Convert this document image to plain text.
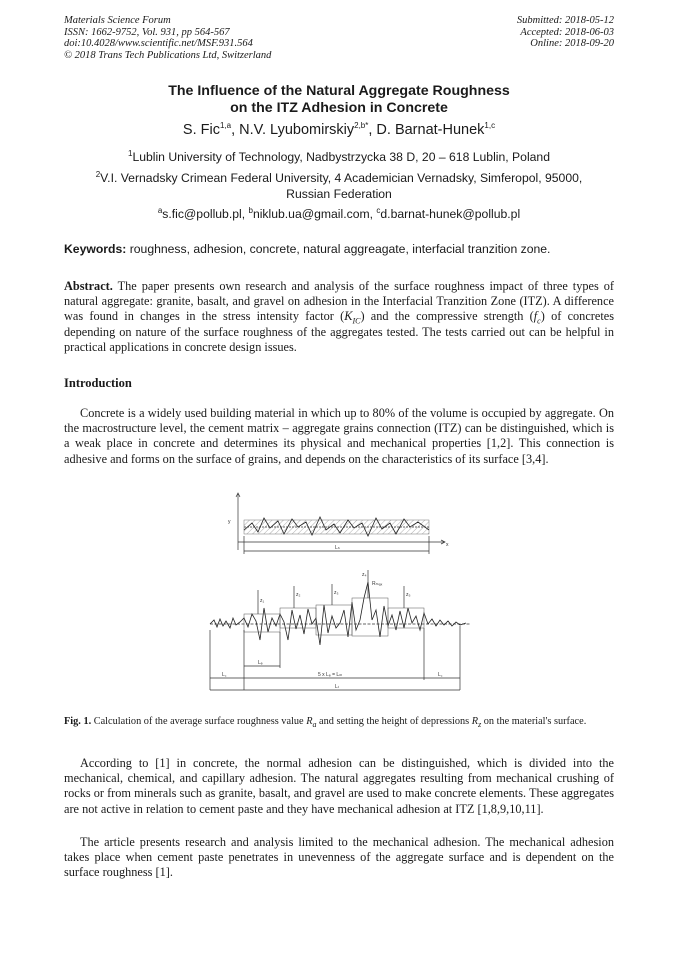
Materials Science Forum
ISSN: 1662-9752, Vol. 931, pp 564-567
doi:10.4028/www.scientific.net/MSF.931.564
© 2018 Trans Tech Publications Ltd, Switzerland
Submitted: 2018-05-12
Accepted: 2018-06-03
Online: 2018-09-20
The Influence of the Natural Aggregate Roughness
on the ITZ Adhesion in Concrete
S. Fic$^{1,a}$, N.V. Lyubomirskiy$^{2,b*}$, D. Barnat-Hunek$^{1,c}$
$^1$Lublin University of Technology, Nadbystrzycka 38 D, 20 – 618 Lublin, Poland
$^2$V.I. Vernadsky Crimean Federal University, 4 Academician Vernadsky, Simferopol, 95000,
Russian Federation
$^a$s.fic@pollub.pl, $^b$niklub.ua@gmail.com, $^c$d.barnat-hunek@pollub.pl
Keywords: roughness, adhesion, concrete, natural aggreagate, interfacial tranzition zone.
Abstract. The paper presents own research and analysis of the surface roughness impact of three types of natural aggregate: granite, basalt, and gravel on adhesion in the Interfacial Tranzition Zone (ITZ). A difference was found in changes in the stress intensity factor $(K_{IC})$ and the compressive strength $(f_c)$ of concretes depending on nature of the surface roughness of the aggregates tested. The tests carried out can be helpful in practical applications in concrete design issues.
Introduction
Concrete is a widely used building material in which up to 80% of the volume is occupied by aggregate. On the macrostructure level, the cement matrix – aggregate grains connection (ITZ) can be distinguished, which is a weak place in concrete and determines its physical and mechanical properties [1,2]. This connection is adhesive and forms on the surface of grains, and depends on the characteristics of its surface [3,4].
y
x
Lₙ
z₁
z₂	z₃
z₄
Rₘₐₓ
z₅
Lₑ
L꜀	5 x Lₑ = Lₘ	L꜀
Lₜ
Fig. 1. Calculation of the average surface roughness value $R_a$ and setting the height of depressions $R_z$ on the material's surface.
According to [1] in concrete, the normal adhesion can be distinguished, which is divided into the mechanical, chemical, and capillary adhesion. The natural aggregates resulting from mechanical crushing of rocks or from minerals such as granite, basalt, and gravel are used to make concrete elements. These aggregates are not active in relation to cement paste and they have mechanical adhesion at ITZ [1,8,9,10,11].
The article presents research and analysis limited to the mechanical adhesion. The mechanical adhesion takes place when cement paste penetrates in unevenness of the aggregate surface and is dependent on the surface roughness [1].
